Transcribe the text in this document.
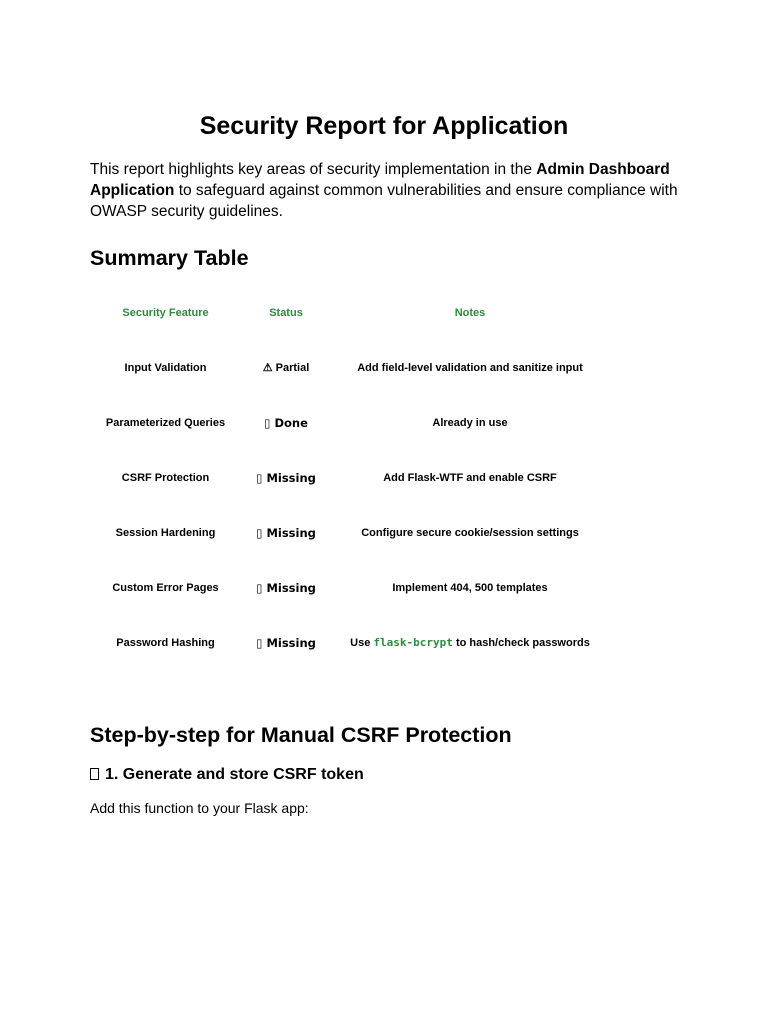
Security Report for Application

This report highlights key areas of security implementation in the Admin Dashboard Application to safeguard against common vulnerabilities and ensure compliance with OWASP security guidelines.

Summary Table
Security Feature	Status	Notes
Input Validation	⚠ Partial	Add field-level validation and sanitize input
Parameterized Queries	▯ Done	Already in use
CSRF Protection	▯ Missing	Add Flask-WTF and enable CSRF
Session Hardening	▯ Missing	Configure secure cookie/session settings
Custom Error Pages	▯ Missing	Implement 404, 500 templates
Password Hashing	▯ Missing	Use flask-bcrypt to hash/check passwords
Step-by-step for Manual CSRF Protection
1. Generate and store CSRF token

Add this function to your Flask app:
